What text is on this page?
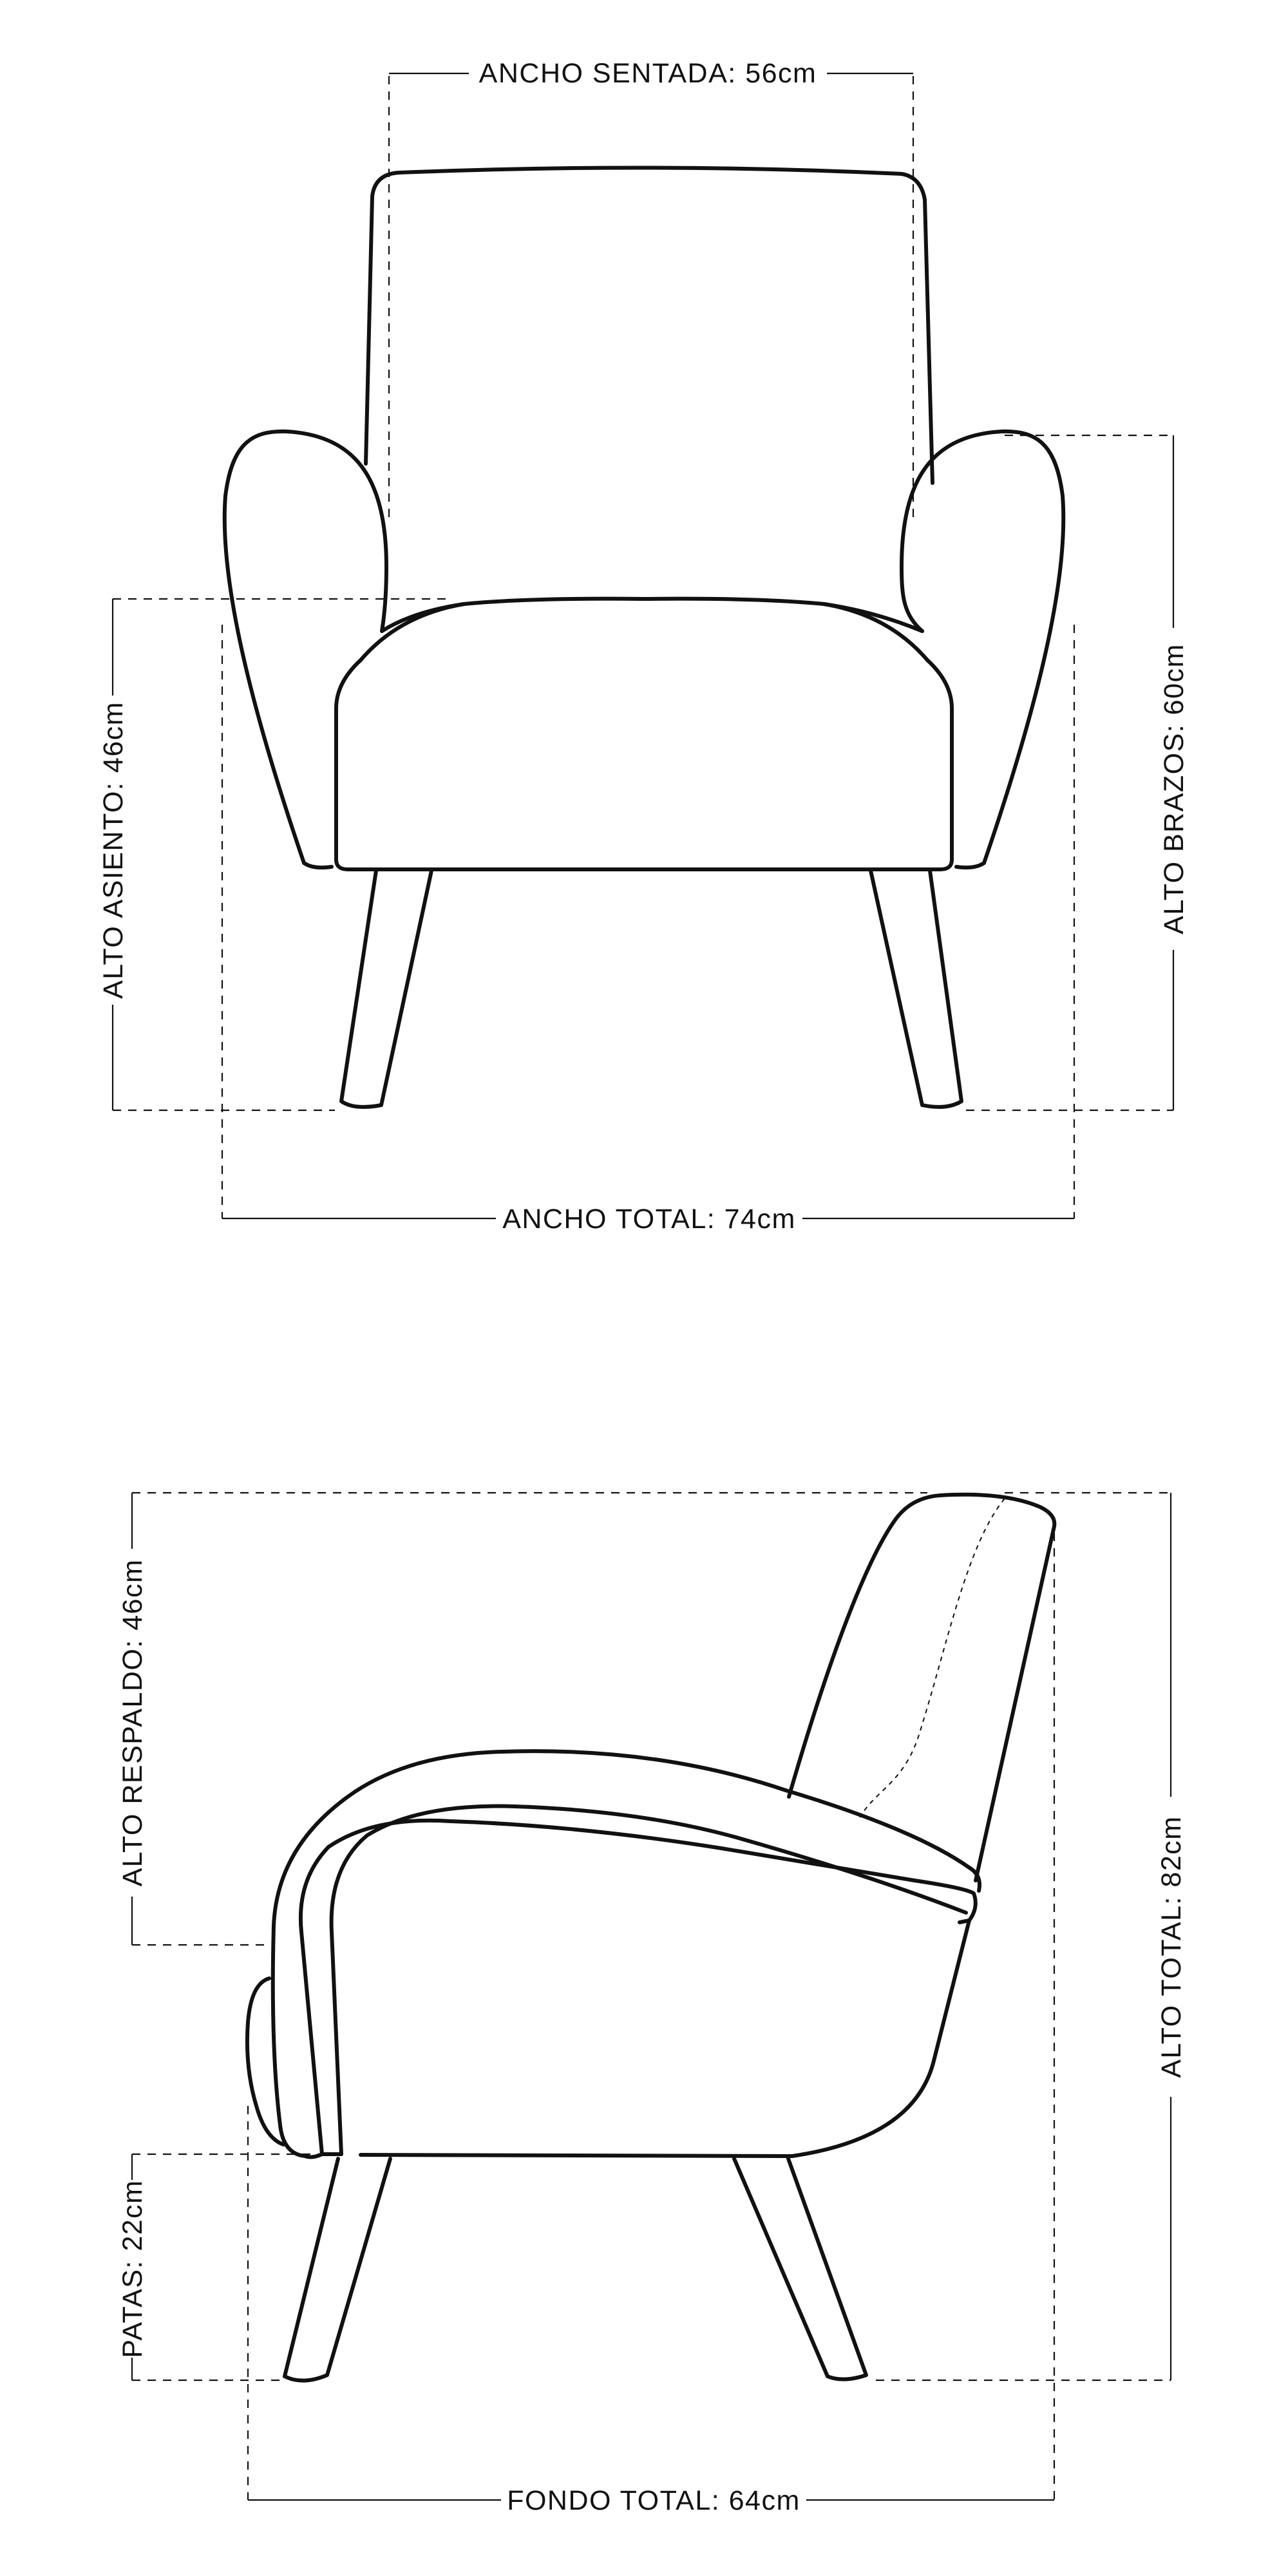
ANCHO SENTADA: 56cm
ALTO ASIENTO: 46cm	ALTO BRAZOS: 60cm
ANCHO TOTAL: 74cm
ALTO RESPALDO: 46cm
PATAS: 22cm
ALTO TOTAL: 82cm
FONDO TOTAL: 64cm
